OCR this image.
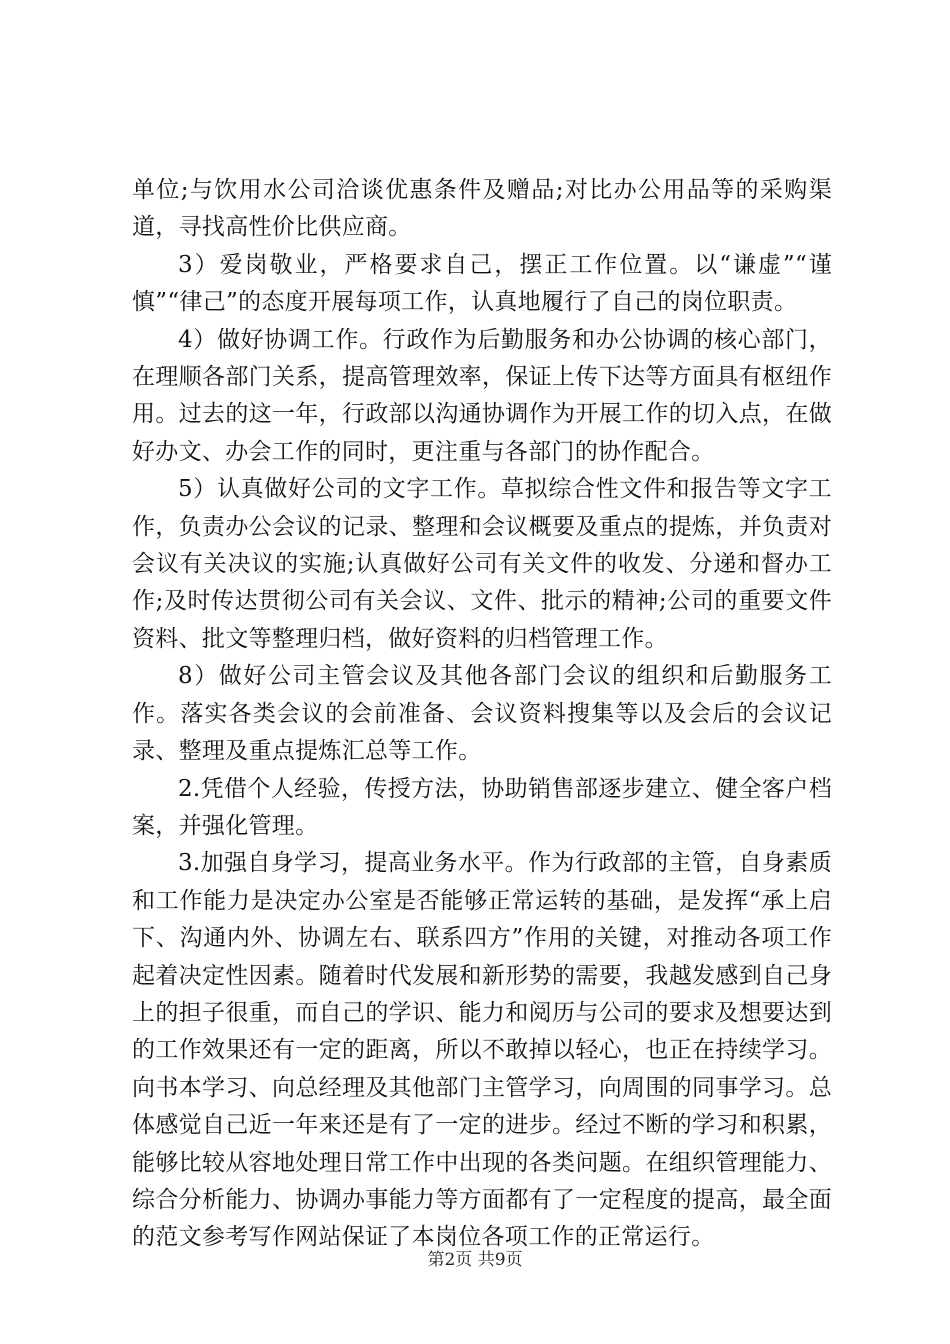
单位;与饮用水公司洽谈优惠条件及赠品;对比办公用品等的采购渠道，寻找高性价比供应商。

3）爱岗敬业，严格要求自己，摆正工作位置。以“谦虚”“谨慎”“律己”的态度开展每项工作，认真地履行了自己的岗位职责。

4）做好协调工作。行政作为后勤服务和办公协调的核心部门，在理顺各部门关系，提高管理效率，保证上传下达等方面具有枢纽作用。过去的这一年，行政部以沟通协调作为开展工作的切入点，在做好办文、办会工作的同时，更注重与各部门的协作配合。

5）认真做好公司的文字工作。草拟综合性文件和报告等文字工作，负责办公会议的记录、整理和会议概要及重点的提炼，并负责对会议有关决议的实施;认真做好公司有关文件的收发、分递和督办工作;及时传达贯彻公司有关会议、文件、批示的精神;公司的重要文件资料、批文等整理归档，做好资料的归档管理工作。

8）做好公司主管会议及其他各部门会议的组织和后勤服务工作。落实各类会议的会前准备、会议资料搜集等以及会后的会议记录、整理及重点提炼汇总等工作。

2.凭借个人经验，传授方法，协助销售部逐步建立、健全客户档案，并强化管理。

3.加强自身学习，提高业务水平。作为行政部的主管，自身素质和工作能力是决定办公室是否能够正常运转的基础，是发挥“承上启下、沟通内外、协调左右、联系四方”作用的关键，对推动各项工作起着决定性因素。随着时代发展和新形势的需要，我越发感到自己身上的担子很重，而自己的学识、能力和阅历与公司的要求及想要达到的工作效果还有一定的距离，所以不敢掉以轻心，也正在持续学习。向书本学习、向总经理及其他部门主管学习，向周围的同事学习。总体感觉自己近一年来还是有了一定的进步。经过不断的学习和积累，能够比较从容地处理日常工作中出现的各类问题。在组织管理能力、综合分析能力、协调办事能力等方面都有了一定程度的提高，最全面的范文参考写作网站保证了本岗位各项工作的正常运行。

第2页 共9页
